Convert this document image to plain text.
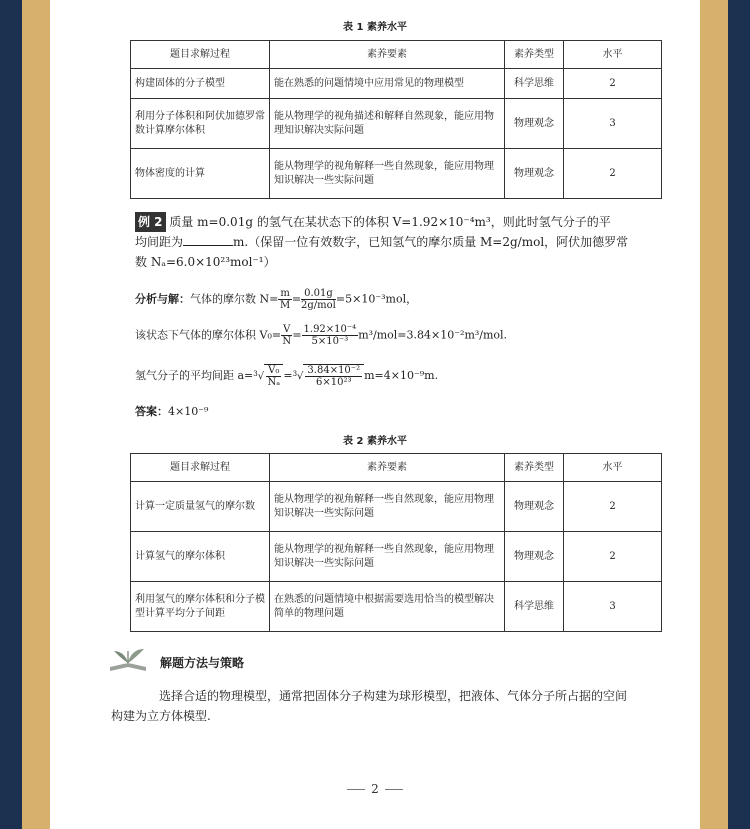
表 1 素养水平
题目求解过程	素养要素	素养类型	水平
构建固体的分子模型	能在熟悉的问题情境中应用常见的物理模型	科学思维	2
利用分子体积和阿伏加德罗常数计算摩尔体积	能从物理学的视角描述和解释自然现象，能应用物理知识解决实际问题	物理观念	3
物体密度的计算	能从物理学的视角解释一些自然现象，能应用物理知识解决一些实际问题	物理观念	2
例 2 质量 m=0.01g 的氢气在某状态下的体积 V=1.92×10⁻⁴m³，则此时氢气分子的平
均间距为	m.（保留一位有效数字，已知氢气的摩尔质量 M=2g/mol，阿伏加德罗常
数 Nₐ=6.0×10²³mol⁻¹）
分析与解：气体的摩尔数 $N= \frac{m}{M} = \frac{0.01g}{\text{2g/mol}} =5\times 10^{-3}mol$，
该状态下气体的摩尔体积 $V_0= \frac{V}{N} = \frac{\text{1.92×10⁻⁴}}{\text{5×10⁻³}} m^3/mol=3.84\times 10^{-2}m^3/mol$.
氢气分子的平均间距 $a=^3√ \frac{\text{V₀}}{\text{Nₐ}} =^3√ \frac{\text{3.84×10⁻²}}{\text{6×10²³}} m=4\times 10^{-9}m$.
答案：4×10⁻⁹
表 2 素养水平
题目求解过程	素养要素	素养类型	水平
计算一定质量氢气的摩尔数	能从物理学的视角解释一些自然现象，能应用物理知识解决一些实际问题	物理观念	2
计算氢气的摩尔体积	能从物理学的视角解释一些自然现象，能应用物理知识解决一些实际问题	物理观念	2
利用氢气的摩尔体积和分子模型计算平均分子间距	在熟悉的问题情境中根据需要选用恰当的模型解决简单的物理问题	科学思维	3
解题方法与策略
选择合适的物理模型，通常把固体分子构建为球形模型，把液体、气体分子所占据的空间
构建为立方体模型.
2
